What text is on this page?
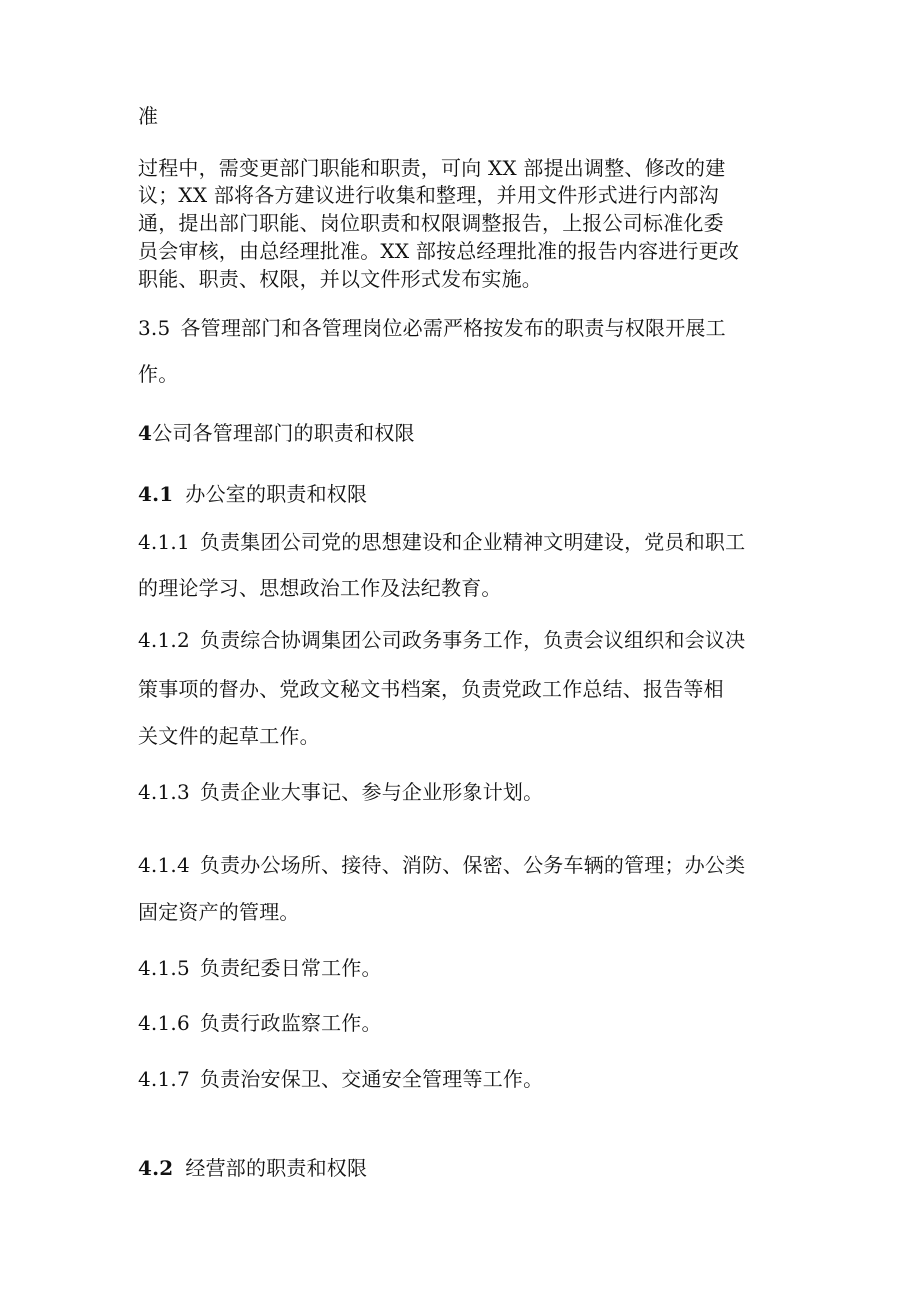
准
过程中，需变更部门职能和职责，可向 XX 部提出调整、修改的建
议；XX 部将各方建议进行收集和整理，并用文件形式进行内部沟
通，提出部门职能、岗位职责和权限调整报告，上报公司标准化委
员会审核，由总经理批准。XX 部按总经理批准的报告内容进行更改
职能、职责、权限，并以文件形式发布实施。
3.5 各管理部门和各管理岗位必需严格按发布的职责与权限开展工
作。
4公司各管理部门的职责和权限
4.1 办公室的职责和权限
4.1.1 负责集团公司党的思想建设和企业精神文明建设，党员和职工
的理论学习、思想政治工作及法纪教育。
4.1.2 负责综合协调集团公司政务事务工作，负责会议组织和会议决
策事项的督办、党政文秘文书档案，负责党政工作总结、报告等相
关文件的起草工作。
4.1.3 负责企业大事记、参与企业形象计划。
4.1.4 负责办公场所、接待、消防、保密、公务车辆的管理；办公类
固定资产的管理。
4.1.5 负责纪委日常工作。
4.1.6 负责行政监察工作。
4.1.7 负责治安保卫、交通安全管理等工作。
4.2 经营部的职责和权限
